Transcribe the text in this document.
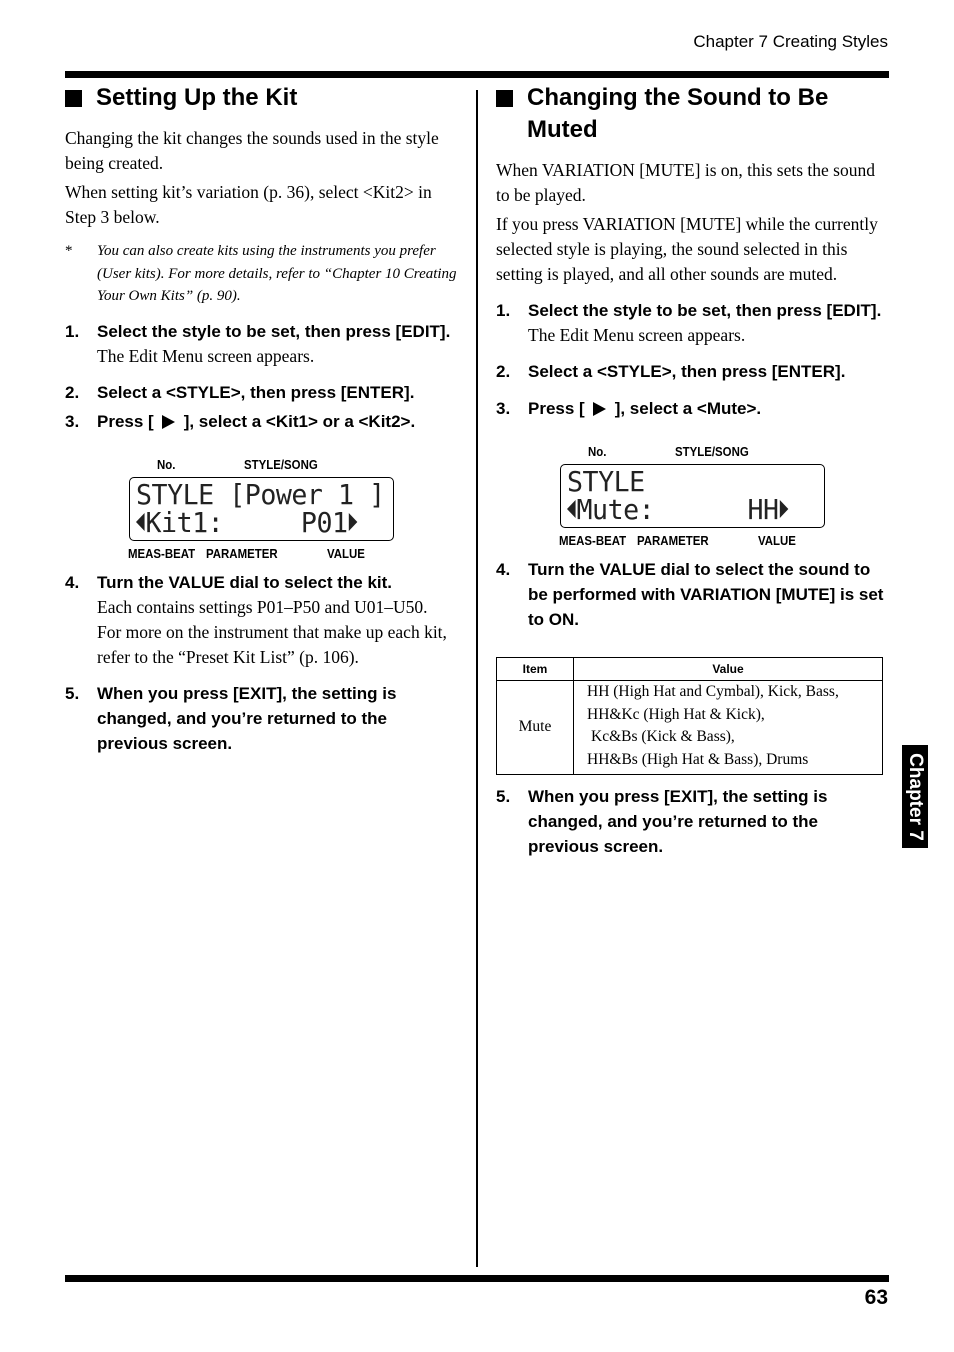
Chapter 7 Creating Styles
Setting Up the Kit

Changing the kit changes the sounds used in the style being created.

When setting kit’s variation (p. 36), select <Kit2> in Step 3 below.

*	You can also create kits using the instruments you prefer (User kits). For more details, refer to “Chapter 10 Creating Your Own Kits” (p. 90).
1.	Select the style to be set, then press [EDIT].
The Edit Menu screen appears.
2.	Select a <STYLE>, then press [ENTER].
3.	Press [ ], select a <Kit1> or a <Kit2>.
No.	STYLE/SONG
STYLE [Power 1 ]
Kit1:	P01
MEAS-BEAT PARAMETER	VALUE
4.	Turn the VALUE dial to select the kit.
Each contains settings P01–P50 and U01–U50.
For more on the instrument that make up each kit, refer to the “Preset Kit List” (p. 106).
5.	When you press [EXIT], the setting is changed, and you’re returned to the previous screen.
Changing the Sound to Be Muted

When VARIATION [MUTE] is on, this sets the sound to be played.

If you press VARIATION [MUTE] while the currently selected style is playing, the sound selected in this setting is played, and all other sounds are muted.

1.	Select the style to be set, then press [EDIT].
The Edit Menu screen appears.
2.	Select a <STYLE>, then press [ENTER].
3.	Press [ ], select a <Mute>.
No.	STYLE/SONG
STYLE
Mute:	HH
MEAS-BEAT PARAMETER	VALUE
4.	Turn the VALUE dial to select the sound to be performed with VARIATION [MUTE] is set to ON.
Item	Value
Mute	HH (High Hat and Cymbal), Kick, Bass,
HH&Kc (High Hat & Kick),
Kc&Bs (Kick & Bass),
HH&Bs (High Hat & Bass), Drums
5.	When you press [EXIT], the setting is changed, and you’re returned to the previous screen.
Chapter 7
63
